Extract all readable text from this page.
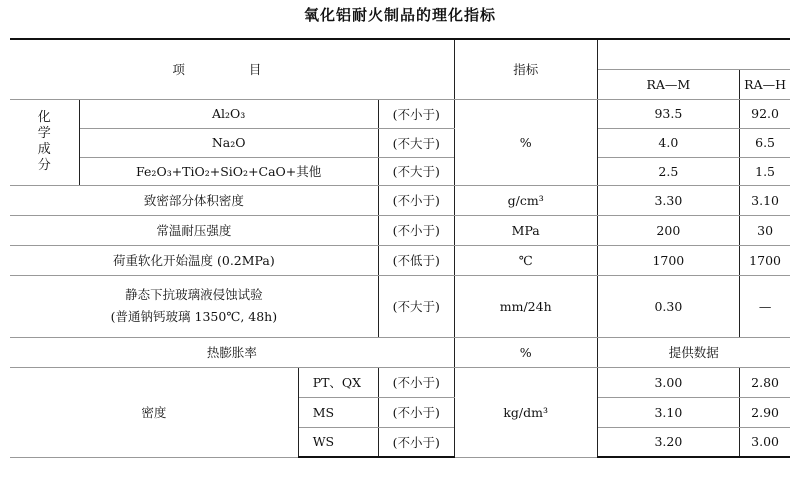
氧化铝耐火制品的理化指标
项 目				指标		
					RA—M	RA—H

化学成分	Al₂O₃		(不小于)	%	93.5	92.0
	Na₂O		(不大于)		4.0	6.5
	Fe₂O₃+TiO₂+SiO₂+CaO+其他		(不大于)		2.5	1.5
致密部分体积密度			(不小于)	g/cm³	3.30	3.10
常温耐压强度			(不小于)	MPa	200	30
荷重软化开始温度 (0.2MPa)			(不低于)	℃	1700	1700

静态下抗玻璃液侵蚀试验
(普通钠钙玻璃 1350℃, 48h)			(不大于)	mm/24h	0.30	—
热膨胀率				%	提供数据	
密度		PT、QX	(不小于)	kg/dm³	3.00	2.80
		MS	(不小于)		3.10	2.90
		WS	(不小于)		3.20	3.00
